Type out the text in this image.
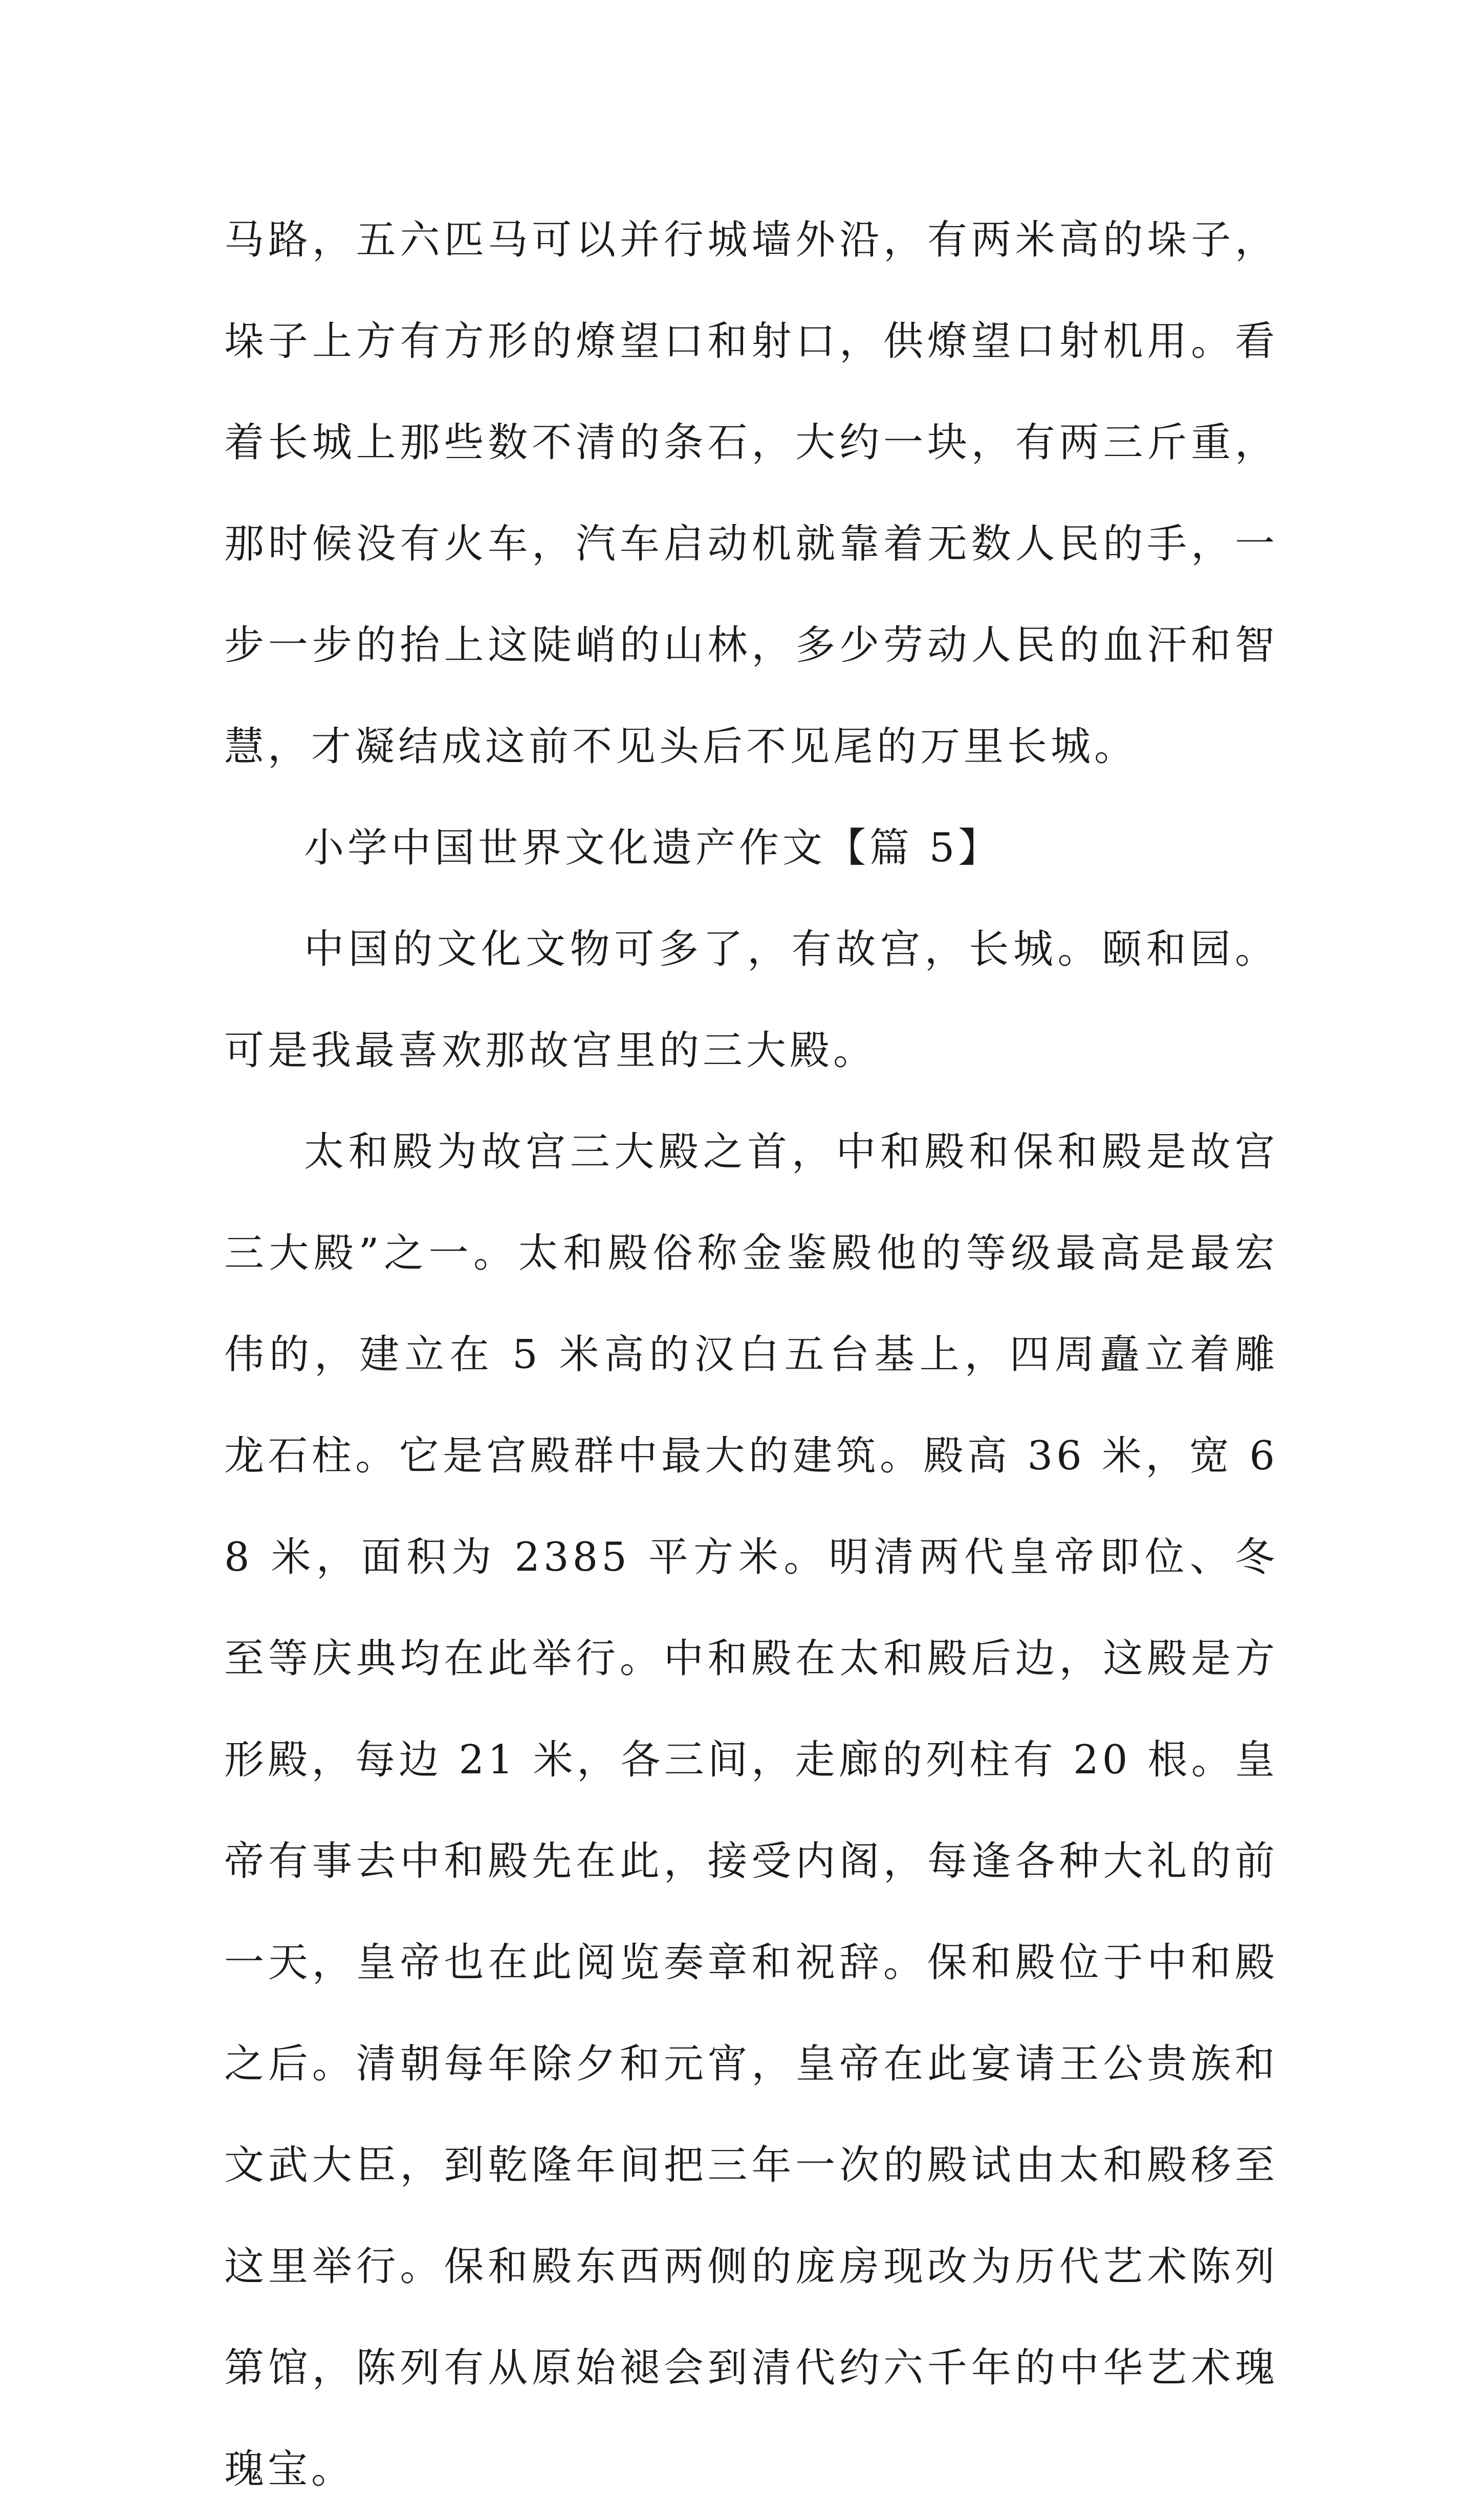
马路，五六匹马可以并行城墙外沿，有两米高的垛子，垛子上方有方形的燎望口和射口，供燎望口射机用。看着长城上那些数不清的条石，大约一块，有两三斤重，那时候没有火车，汽车启动机就靠着无数人民的手，一步一步的抬上这陡峭的山林，多少劳动人民的血汗和智慧，才凝结成这前不见头后不见尾的万里长城。

小学中国世界文化遗产作文【篇 5】

中国的文化文物可多了，有故宫，长城。颐和园。可是我最喜欢那故宫里的三大殿。

太和殿为故宫三大殿之首，中和殿和保和殿是故宫三大殿”之一。太和殿俗称金鉴殿他的等级最高是最宏伟的，建立在 5 米高的汉白五台基上，四周矗立着雕龙石柱。它是宫殿群中最大的建筑。殿高 36 米，宽 68 米，面积为 2385 平方米。明清两代皇帝即位、冬至等庆典均在此举行。中和殿在太和殿后边，这殿是方形殿，每边 21 米，各三间，走廊的列柱有 20 根。皇帝有事去中和殿先在此，接受内阁，每逢各种大礼的前一天，皇帝也在此阅览奏章和祝辞。保和殿位于中和殿之后。清朝每年除夕和元宵，皇帝在此宴请王公贵族和文武大臣，到乾隆年间把三年一次的殿试由太和殿移至这里举行。保和殿东西两侧的庞房现改为历代艺术陈列第馆，陈列有从原始褪会到清代约六千年的中华艺术瑰瑰宝。
